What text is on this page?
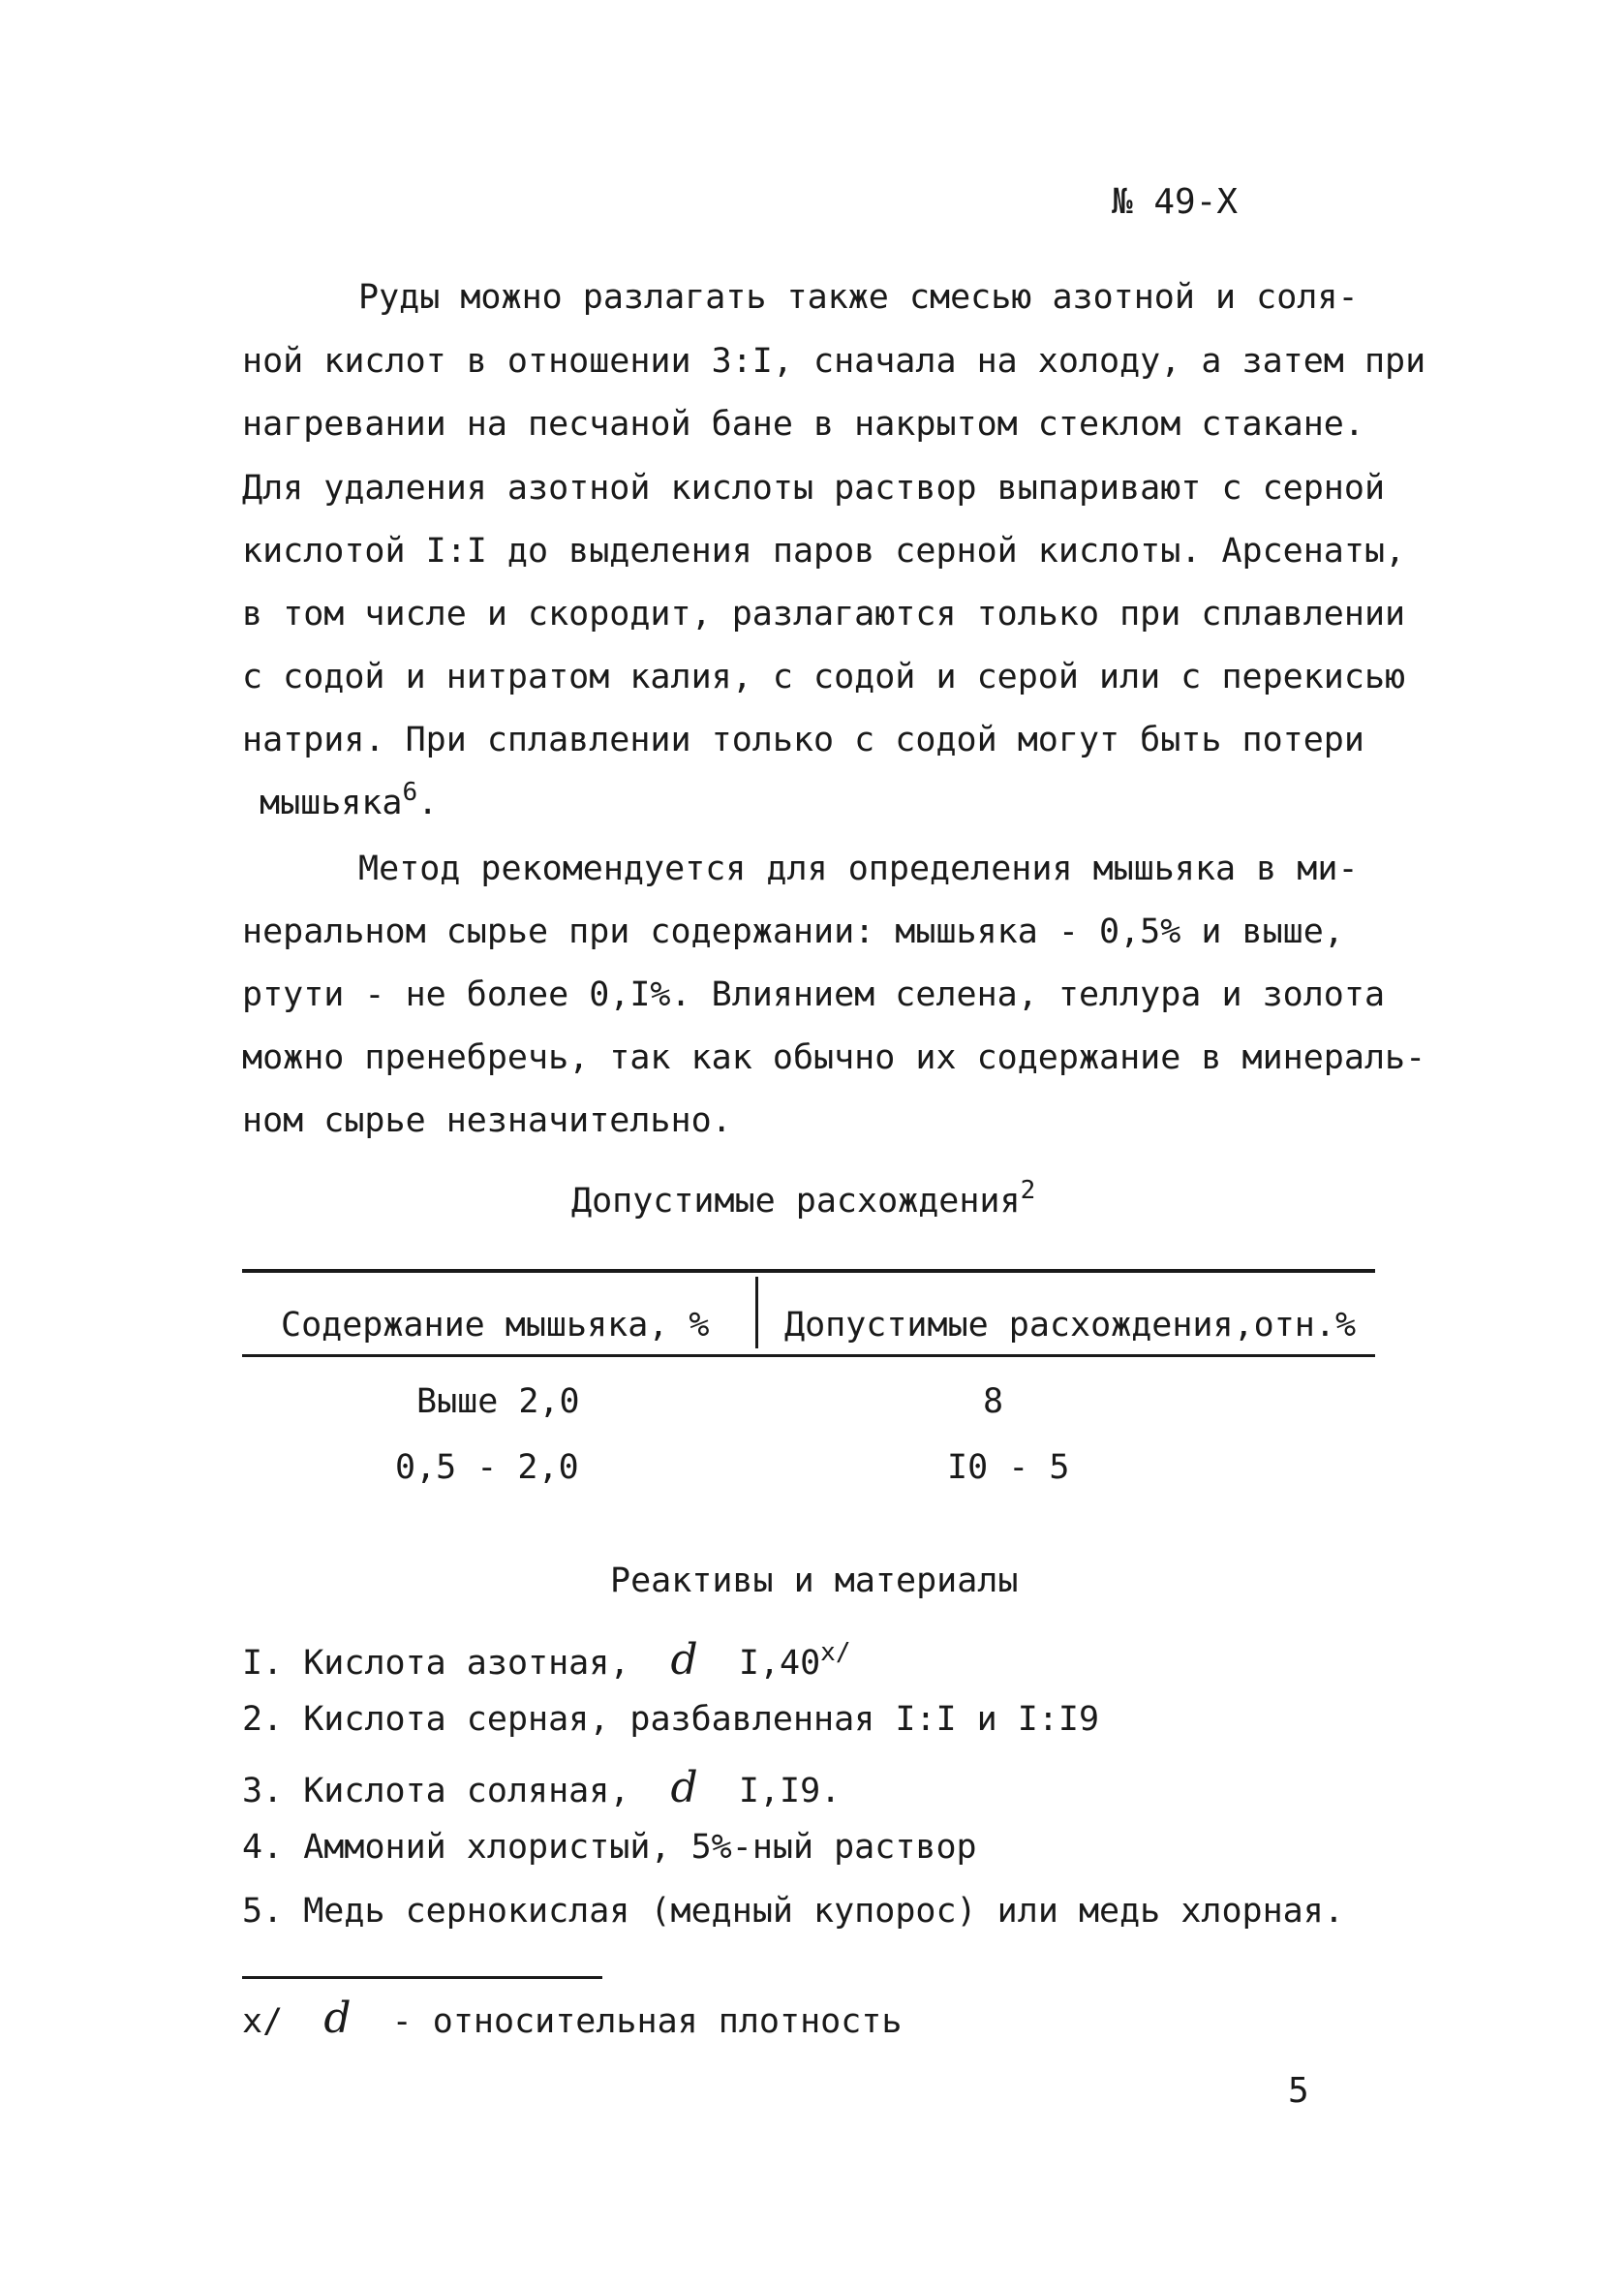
№ 49-X
Руды можно разлагать также смесью азотной и соля-
ной кислот в отношении 3:I, сначала на холоду, а затем при
нагревании на песчаной бане в накрытом стеклом стакане.
Для удаления азотной кислоты раствор выпаривают с серной
кислотой I:I до выделения паров серной кислоты. Арсенаты,
в том числе и скородит, разлагаются только при сплавлении
с содой и нитратом калия, с содой и серой или с перекисью
натрия. При сплавлении только с содой могут быть потери
мышьяка$^6$.
Метод рекомендуется для определения мышьяка в ми-
неральном сырье при содержании: мышьяка - 0,5% и выше,
ртути - не более 0,I%. Влиянием селена, теллура и золота
можно пренебречь, так как обычно их содержание в минераль-
ном сырье незначительно.
Допустимые расхождения$^2$
Содержание мышьяка, % Допустимые расхождения,отн.%
Выше 2,0	8
0,5 - 2,0	I0 - 5
Реактивы и материалы
I. Кислота азотная, d $I,40^{x/}$
2. Кислота серная, разбавленная I:I и I:I9
3. Кислота соляная, d I,I9.
4. Аммоний хлористый, 5%-ный раствор
5. Медь сернокислая (медный купорос) или медь хлорная.
x/ d - относительная плотность
5
